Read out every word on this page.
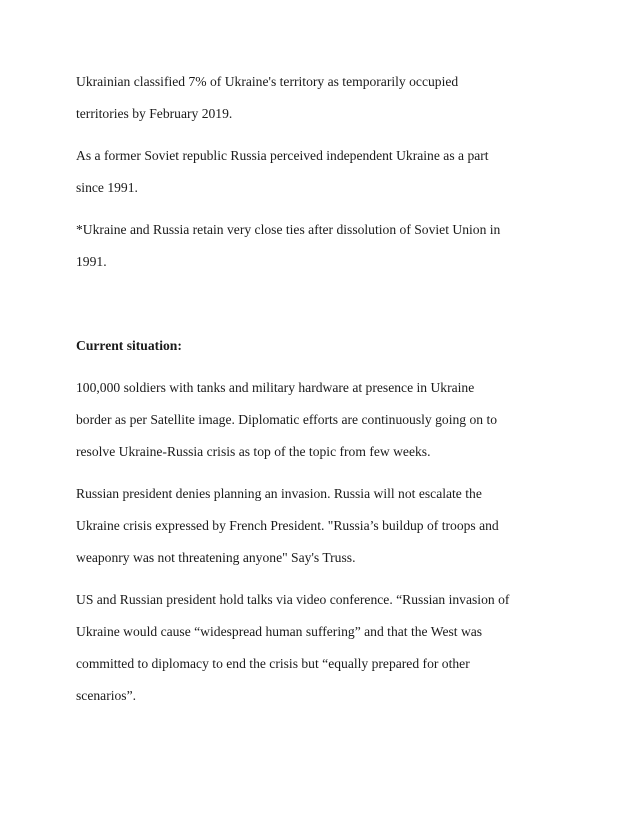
Ukrainian classified 7% of Ukraine's territory as temporarily occupied
territories by February 2019.
As a former Soviet republic Russia perceived independent Ukraine as a part
since 1991.
*Ukraine and Russia retain very close ties after dissolution of Soviet Union in
1991.
Current situation:
100,000 soldiers with tanks and military hardware at presence in Ukraine
border as per Satellite image. Diplomatic efforts are continuously going on to
resolve Ukraine-Russia crisis as top of the topic from few weeks.
Russian president denies planning an invasion. Russia will not escalate the
Ukraine crisis expressed by French President. "Russia’s buildup of troops and
weaponry was not threatening anyone" Say's Truss.
US and Russian president hold talks via video conference. “Russian invasion of
Ukraine would cause “widespread human suffering” and that the West was
committed to diplomacy to end the crisis but “equally prepared for other
scenarios”.
